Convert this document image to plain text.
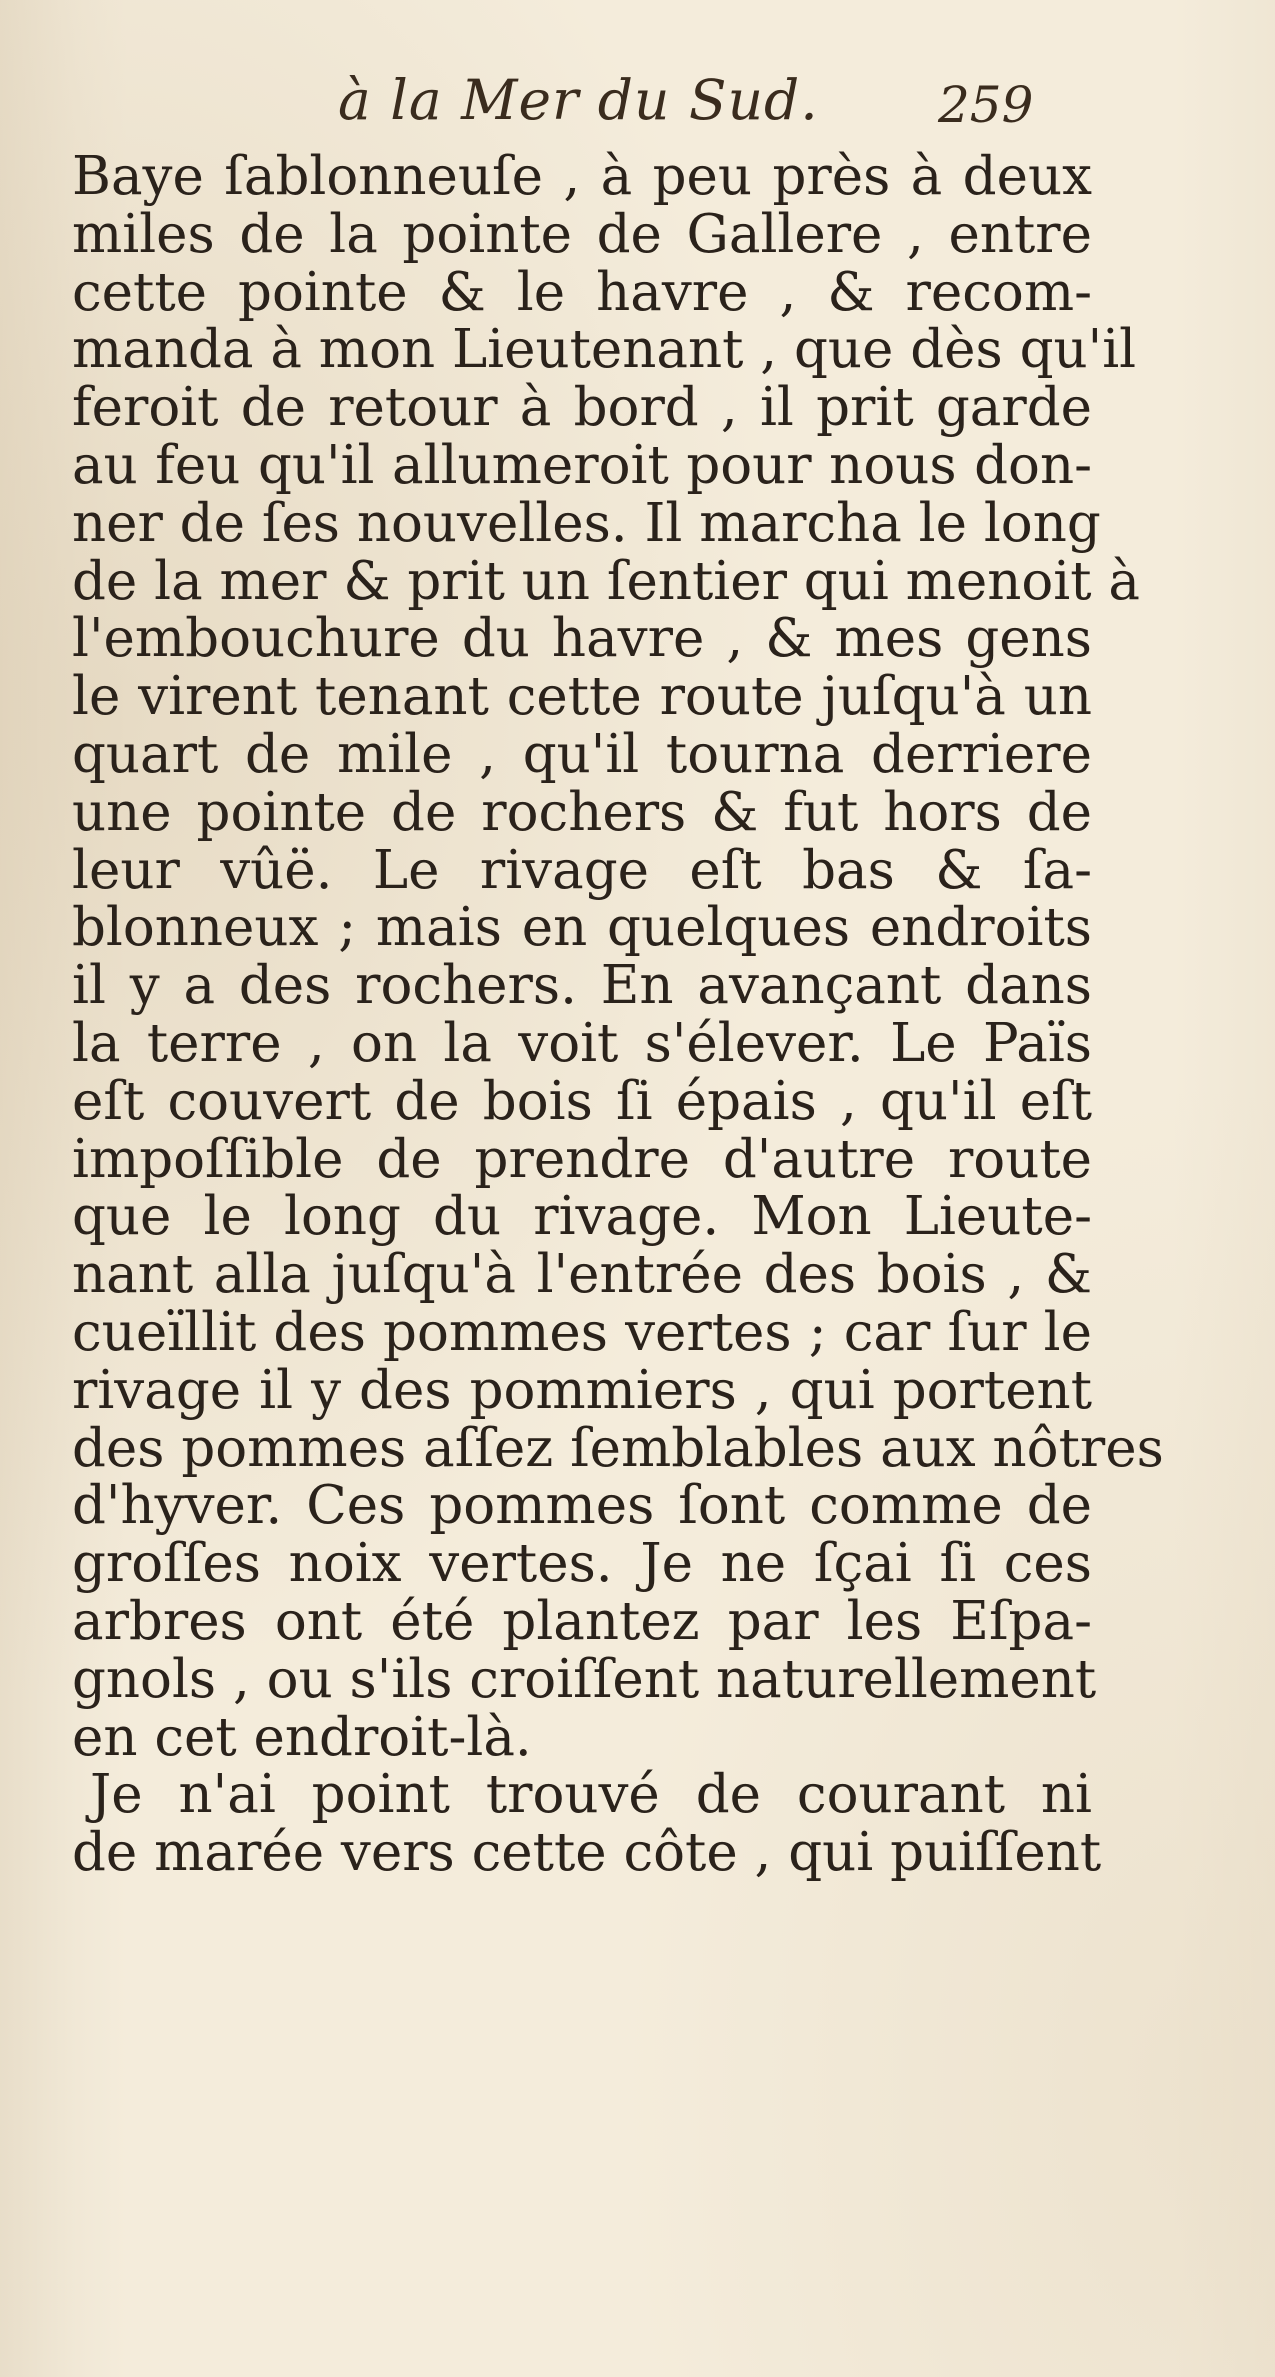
à la Mer du Sud. 259
Baye ſablonneuſe , à peu près à deux
miles de la pointe de Gallere , entre
cette pointe & le havre , & recom-
manda à mon Lieutenant , que dès qu'il
feroit de retour à bord , il prit garde
au feu qu'il allumeroit pour nous don-
ner de ſes nouvelles. Il marcha le long
de la mer & prit un ſentier qui menoit à
l'embouchure du havre , & mes gens
le virent tenant cette route juſqu'à un
quart de mile , qu'il tourna derriere
une pointe de rochers & fut hors de
leur vûë. Le rivage eſt bas & ſa-
blonneux ; mais en quelques endroits
il y a des rochers. En avançant dans
la terre , on la voit s'élever. Le Païs
eſt couvert de bois ſi épais , qu'il eſt
impoſſible de prendre d'autre route
que le long du rivage. Mon Lieute-
nant alla juſqu'à l'entrée des bois , &
cueïllit des pommes vertes ; car ſur le
rivage il y des pommiers , qui portent
des pommes aſſez ſemblables aux nôtres
d'hyver. Ces pommes ſont comme de
groſſes noix vertes. Je ne ſçai ſi ces
arbres ont été plantez par les Eſpa-
gnols , ou s'ils croiſſent naturellement
en cet endroit-là.
Je n'ai point trouvé de courant ni
de marée vers cette côte , qui puiſſent
